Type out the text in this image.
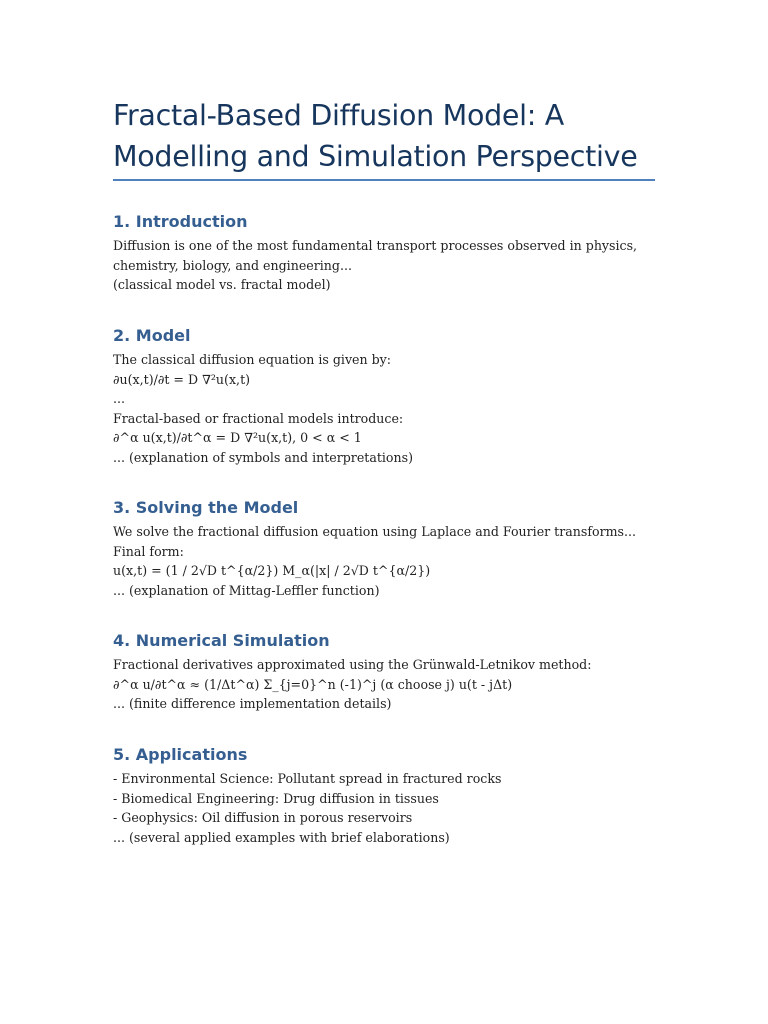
Fractal-Based Diffusion Model: A Modelling and Simulation Perspective
1. Introduction
Diffusion is one of the most fundamental transport processes observed in physics,
chemistry, biology, and engineering...
(classical model vs. fractal model)
2. Model
The classical diffusion equation is given by:
∂u(x,t)/∂t = D ∇²u(x,t)
...
Fractal-based or fractional models introduce:
∂^α u(x,t)/∂t^α = D ∇²u(x,t), 0 < α < 1
... (explanation of symbols and interpretations)
3. Solving the Model
We solve the fractional diffusion equation using Laplace and Fourier transforms...
Final form:
u(x,t) = (1 / 2√D t^{α/2}) M_α(|x| / 2√D t^{α/2})
... (explanation of Mittag-Leffler function)
4. Numerical Simulation
Fractional derivatives approximated using the Grünwald-Letnikov method:
∂^α u/∂t^α ≈ (1/Δt^α) Σ_{j=0}^n (-1)^j (α choose j) u(t - jΔt)
... (finite difference implementation details)
5. Applications
- Environmental Science: Pollutant spread in fractured rocks
- Biomedical Engineering: Drug diffusion in tissues
- Geophysics: Oil diffusion in porous reservoirs
... (several applied examples with brief elaborations)
